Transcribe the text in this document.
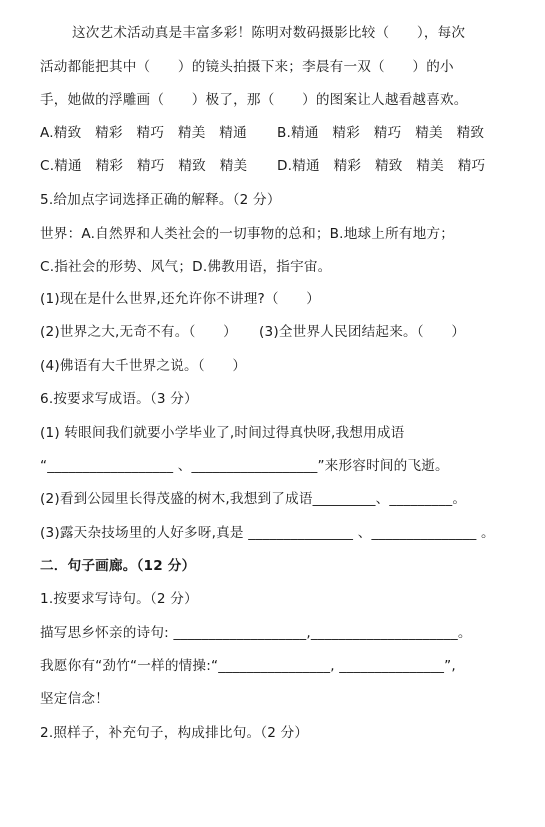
这次艺术活动真是丰富多彩！陈明对数码摄影比较（　　），每次
活动都能把其中（　　）的镜头拍摄下来；李晨有一双（　　）的小
手，她做的浮雕画（　　）极了，那（　　）的图案让人越看越喜欢。
A.精致　精彩　精巧　精美　精通 B.精通　精彩　精巧　精美　精致
C.精通　精彩　精巧　精致　精美 D.精通　精彩　精致　精美　精巧
5.给加点字词选择正确的解释。（2 分）
世界：A.自然界和人类社会的一切事物的总和；B.地球上所有地方；
C.指社会的形势、风气；D.佛教用语，指宇宙。
(1)现在是什么世界,还允许你不讲理?（　　）
(2)世界之大,无奇不有。（　　） (3)全世界人民团结起来。（　　）
(4)佛语有大千世界之说。（　　）
6.按要求写成语。（3 分）
(1) 转眼间我们就要小学毕业了,时间过得真快呀,我想用成语
“__________________ 、__________________”来形容时间的飞逝。
(2)看到公园里长得茂盛的树木,我想到了成语_________、_________。
(3)露天杂技场里的人好多呀,真是 _______________ 、_______________ 。
二．句子画廊。（12 分）
1.按要求写诗句。（2 分）
描写思乡怀亲的诗句: ___________________,_____________________。
我愿你有“劲竹“一样的情操:“________________, _______________”,
坚定信念！
2.照样子，补充句子，构成排比句。（2 分）
